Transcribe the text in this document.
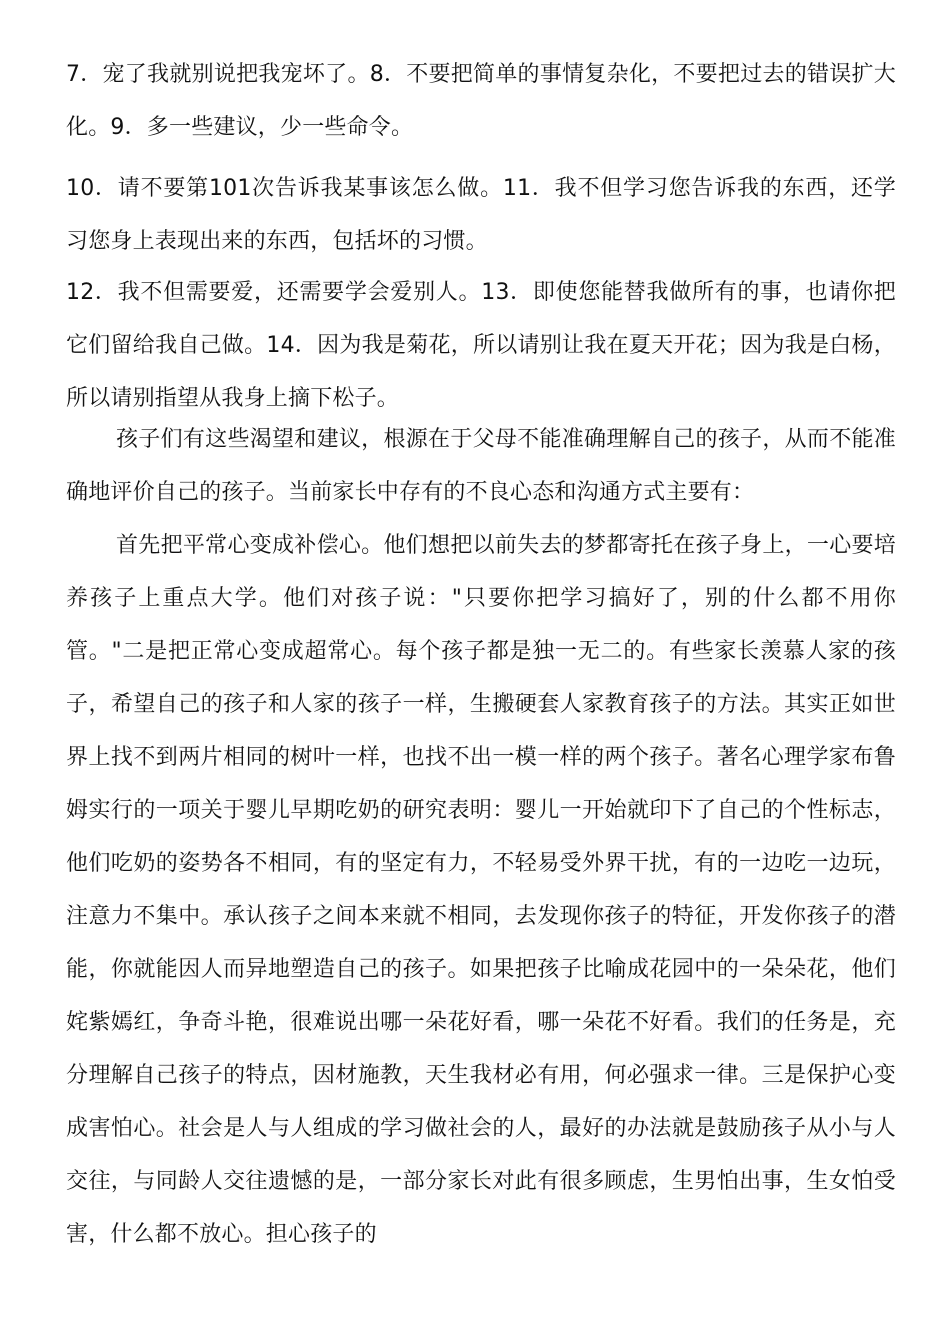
7．宠了我就别说把我宠坏了。8．不要把简单的事情复杂化，不要把过去的错误扩大化。9．多一些建议，少一些命令。

10．请不要第101次告诉我某事该怎么做。11．我不但学习您告诉我的东西，还学习您身上表现出来的东西，包括坏的习惯。

12．我不但需要爱，还需要学会爱别人。13．即使您能替我做所有的事，也请你把它们留给我自己做。14．因为我是菊花，所以请别让我在夏天开花；因为我是白杨，所以请别指望从我身上摘下松子。

孩子们有这些渴望和建议，根源在于父母不能准确理解自己的孩子，从而不能准确地评价自己的孩子。当前家长中存有的不良心态和沟通方式主要有：

首先把平常心变成补偿心。他们想把以前失去的梦都寄托在孩子身上，一心要培养孩子上重点大学。他们对孩子说："只要你把学习搞好了，别的什么都不用你管。"二是把正常心变成超常心。每个孩子都是独一无二的。有些家长羡慕人家的孩子，希望自己的孩子和人家的孩子一样，生搬硬套人家教育孩子的方法。其实正如世界上找不到两片相同的树叶一样，也找不出一模一样的两个孩子。著名心理学家布鲁姆实行的一项关于婴儿早期吃奶的研究表明：婴儿一开始就印下了自己的个性标志，他们吃奶的姿势各不相同，有的坚定有力，不轻易受外界干扰，有的一边吃一边玩，注意力不集中。承认孩子之间本来就不相同，去发现你孩子的特征，开发你孩子的潜能，你就能因人而异地塑造自己的孩子。如果把孩子比喻成花园中的一朵朵花，他们姹紫嫣红，争奇斗艳，很难说出哪一朵花好看，哪一朵花不好看。我们的任务是，充分理解自己孩子的特点，因材施教，天生我材必有用，何必强求一律。三是保护心变成害怕心。社会是人与人组成的学习做社会的人，最好的办法就是鼓励孩子从小与人交往，与同龄人交往遗憾的是，一部分家长对此有很多顾虑，生男怕出事，生女怕受害，什么都不放心。担心孩子的
